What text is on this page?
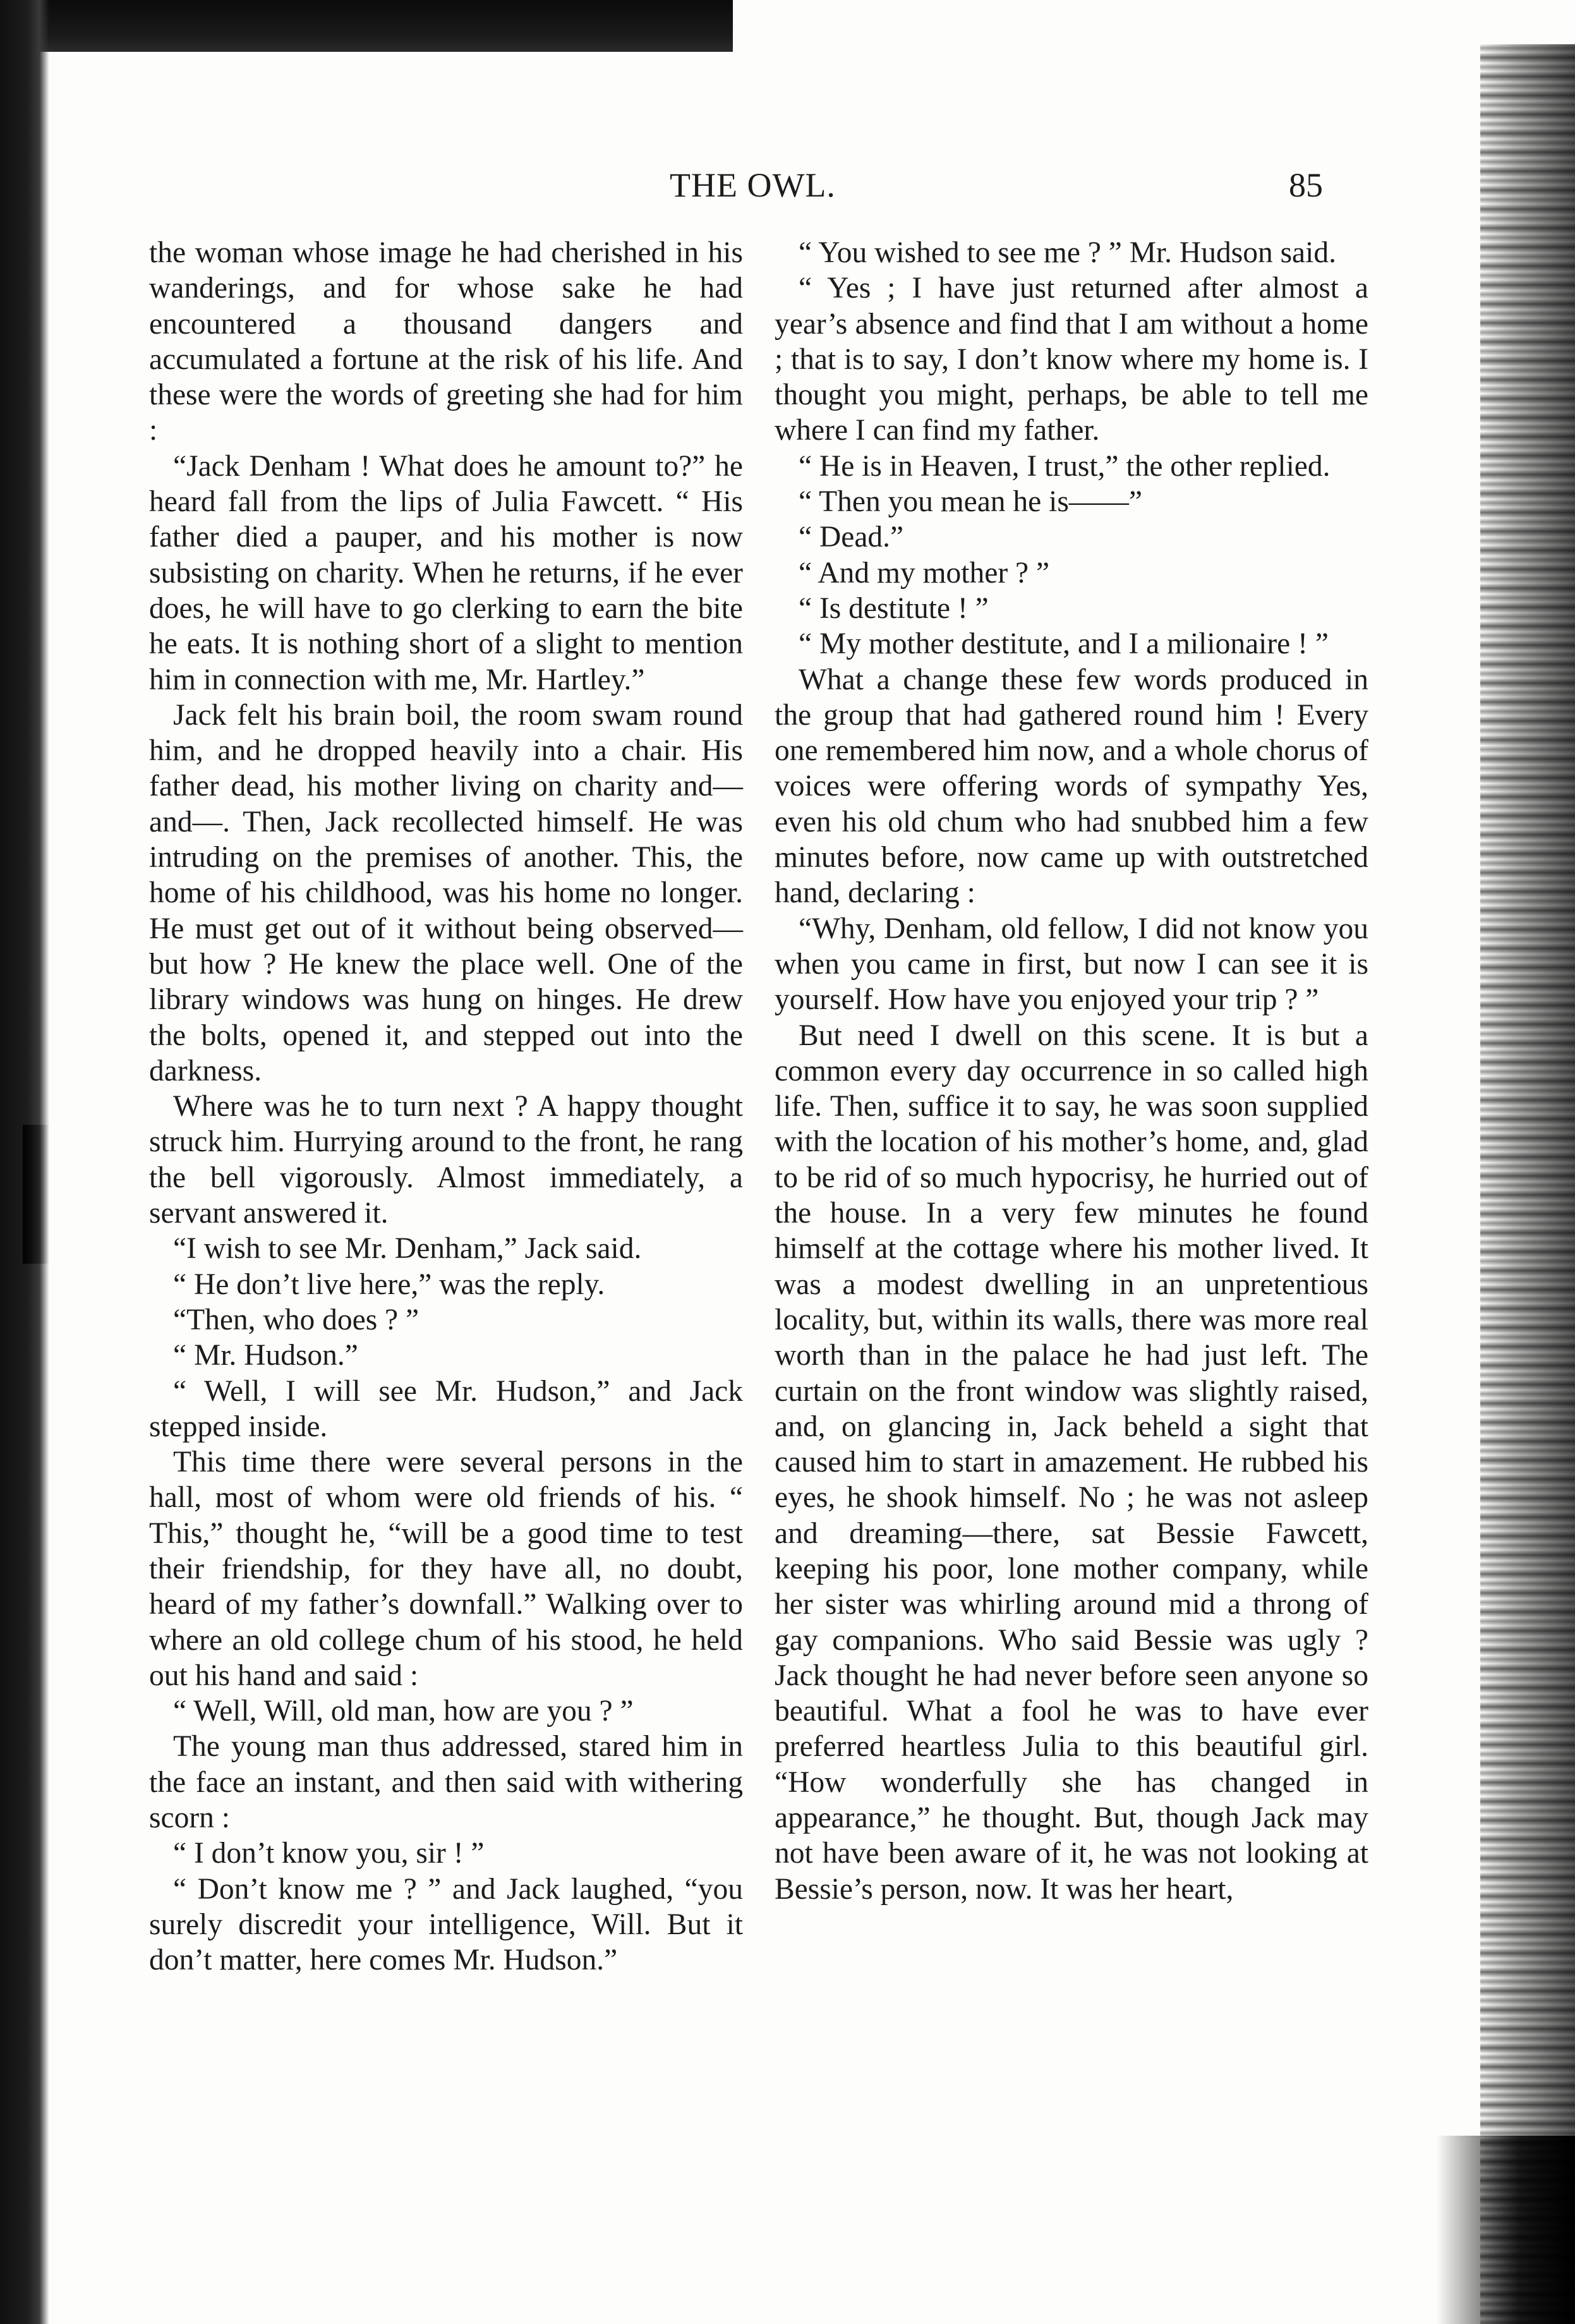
THE OWL.	85

the woman whose image he had cherished in his wanderings, and for whose sake he had encountered a thousand dangers and accumulated a fortune at the risk of his life. And these were the words of greeting she had for him :

“Jack Denham ! What does he amount to?” he heard fall from the lips of Julia Fawcett. “ His father died a pauper, and his mother is now subsisting on charity. When he returns, if he ever does, he will have to go clerking to earn the bite he eats. It is nothing short of a slight to mention him in connection with me, Mr. Hartley.”

Jack felt his brain boil, the room swam round him, and he dropped heavily into a chair. His father dead, his mother living on charity and—and—. Then, Jack recollected himself. He was intruding on the premises of another. This, the home of his childhood, was his home no longer. He must get out of it without being observed—but how ? He knew the place well. One of the library windows was hung on hinges. He drew the bolts, opened it, and stepped out into the darkness.

Where was he to turn next ? A happy thought struck him. Hurrying around to the front, he rang the bell vigorously. Almost immediately, a servant answered it.

“I wish to see Mr. Denham,” Jack said.

“ He don’t live here,” was the reply.

“Then, who does ? ”

“ Mr. Hudson.”

“ Well, I will see Mr. Hudson,” and Jack stepped inside.

This time there were several persons in the hall, most of whom were old friends of his. “ This,” thought he, “will be a good time to test their friendship, for they have all, no doubt, heard of my father’s downfall.” Walking over to where an old college chum of his stood, he held out his hand and said :

“ Well, Will, old man, how are you ? ”

The young man thus addressed, stared him in the face an instant, and then said with withering scorn :

“ I don’t know you, sir ! ”

“ Don’t know me ? ” and Jack laughed, “you surely discredit your intelligence, Will. But it don’t matter, here comes Mr. Hudson.”

“ You wished to see me ? ” Mr. Hudson said.

“ Yes ; I have just returned after almost a year’s absence and find that I am without a home ; that is to say, I don’t know where my home is. I thought you might, perhaps, be able to tell me where I can find my father.

“ He is in Heaven, I trust,” the other replied.

“ Then you mean he is——”

“ Dead.”

“ And my mother ? ”

“ Is destitute ! ”

“ My mother destitute, and I a milionaire ! ”

What a change these few words produced in the group that had gathered round him ! Every one remembered him now, and a whole chorus of voices were offering words of sympathy Yes, even his old chum who had snubbed him a few minutes before, now came up with outstretched hand, declaring :

“Why, Denham, old fellow, I did not know you when you came in first, but now I can see it is yourself. How have you enjoyed your trip ? ”

But need I dwell on this scene. It is but a common every day occurrence in so called high life. Then, suffice it to say, he was soon supplied with the location of his mother’s home, and, glad to be rid of so much hypocrisy, he hurried out of the house. In a very few minutes he found himself at the cottage where his mother lived. It was a modest dwelling in an unpretentious locality, but, within its walls, there was more real worth than in the palace he had just left. The curtain on the front window was slightly raised, and, on glancing in, Jack beheld a sight that caused him to start in amazement. He rubbed his eyes, he shook himself. No ; he was not asleep and dreaming—there, sat Bessie Fawcett, keeping his poor, lone mother company, while her sister was whirling around mid a throng of gay companions. Who said Bessie was ugly ? Jack thought he had never before seen anyone so beautiful. What a fool he was to have ever preferred heartless Julia to this beautiful girl. “How wonderfully she has changed in appearance,” he thought. But, though Jack may not have been aware of it, he was not looking at Bessie’s person, now. It was her heart,
